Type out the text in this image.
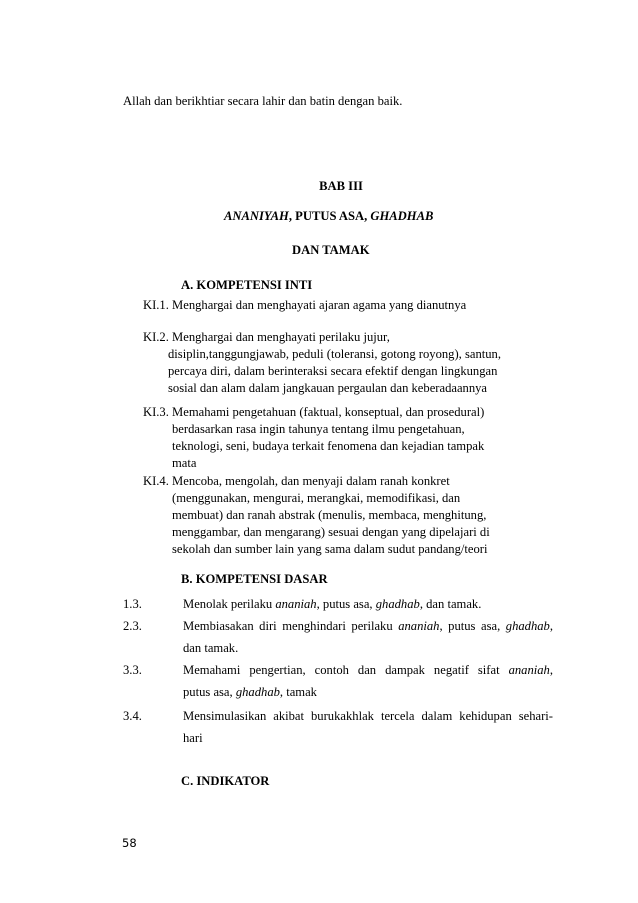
Allah dan berikhtiar secara lahir dan batin dengan baik.
BAB III
ANANIYAH, PUTUS ASA, GHADHAB
DAN TAMAK
A. KOMPETENSI INTI
KI.1. Menghargai dan menghayati ajaran agama yang dianutnya
KI.2. Menghargai dan menghayati perilaku jujur,
disiplin,tanggungjawab, peduli (toleransi, gotong royong), santun,
percaya diri, dalam berinteraksi secara efektif dengan lingkungan
sosial dan alam dalam jangkauan pergaulan dan keberadaannya
KI.3. Memahami pengetahuan (faktual, konseptual, dan prosedural)
berdasarkan rasa ingin tahunya tentang ilmu pengetahuan,
teknologi, seni, budaya terkait fenomena dan kejadian tampak
mata
KI.4. Mencoba, mengolah, dan menyaji dalam ranah konkret
(menggunakan, mengurai, merangkai, memodifikasi, dan
membuat) dan ranah abstrak (menulis, membaca, menghitung,
menggambar, dan mengarang) sesuai dengan yang dipelajari di
sekolah dan sumber lain yang sama dalam sudut pandang/teori
B. KOMPETENSI DASAR
1.3.	Menolak perilaku ananiah, putus asa, ghadhab, dan tamak.
2.3.	Membiasakan diri menghindari perilaku ananiah, putus asa, ghadhab,
dan tamak.
3.3.	Memahami pengertian, contoh dan dampak negatif sifat ananiah,
putus asa, ghadhab, tamak
3.4.	Mensimulasikan akibat burukakhlak tercela dalam kehidupan sehari-
hari
C. INDIKATOR
58
